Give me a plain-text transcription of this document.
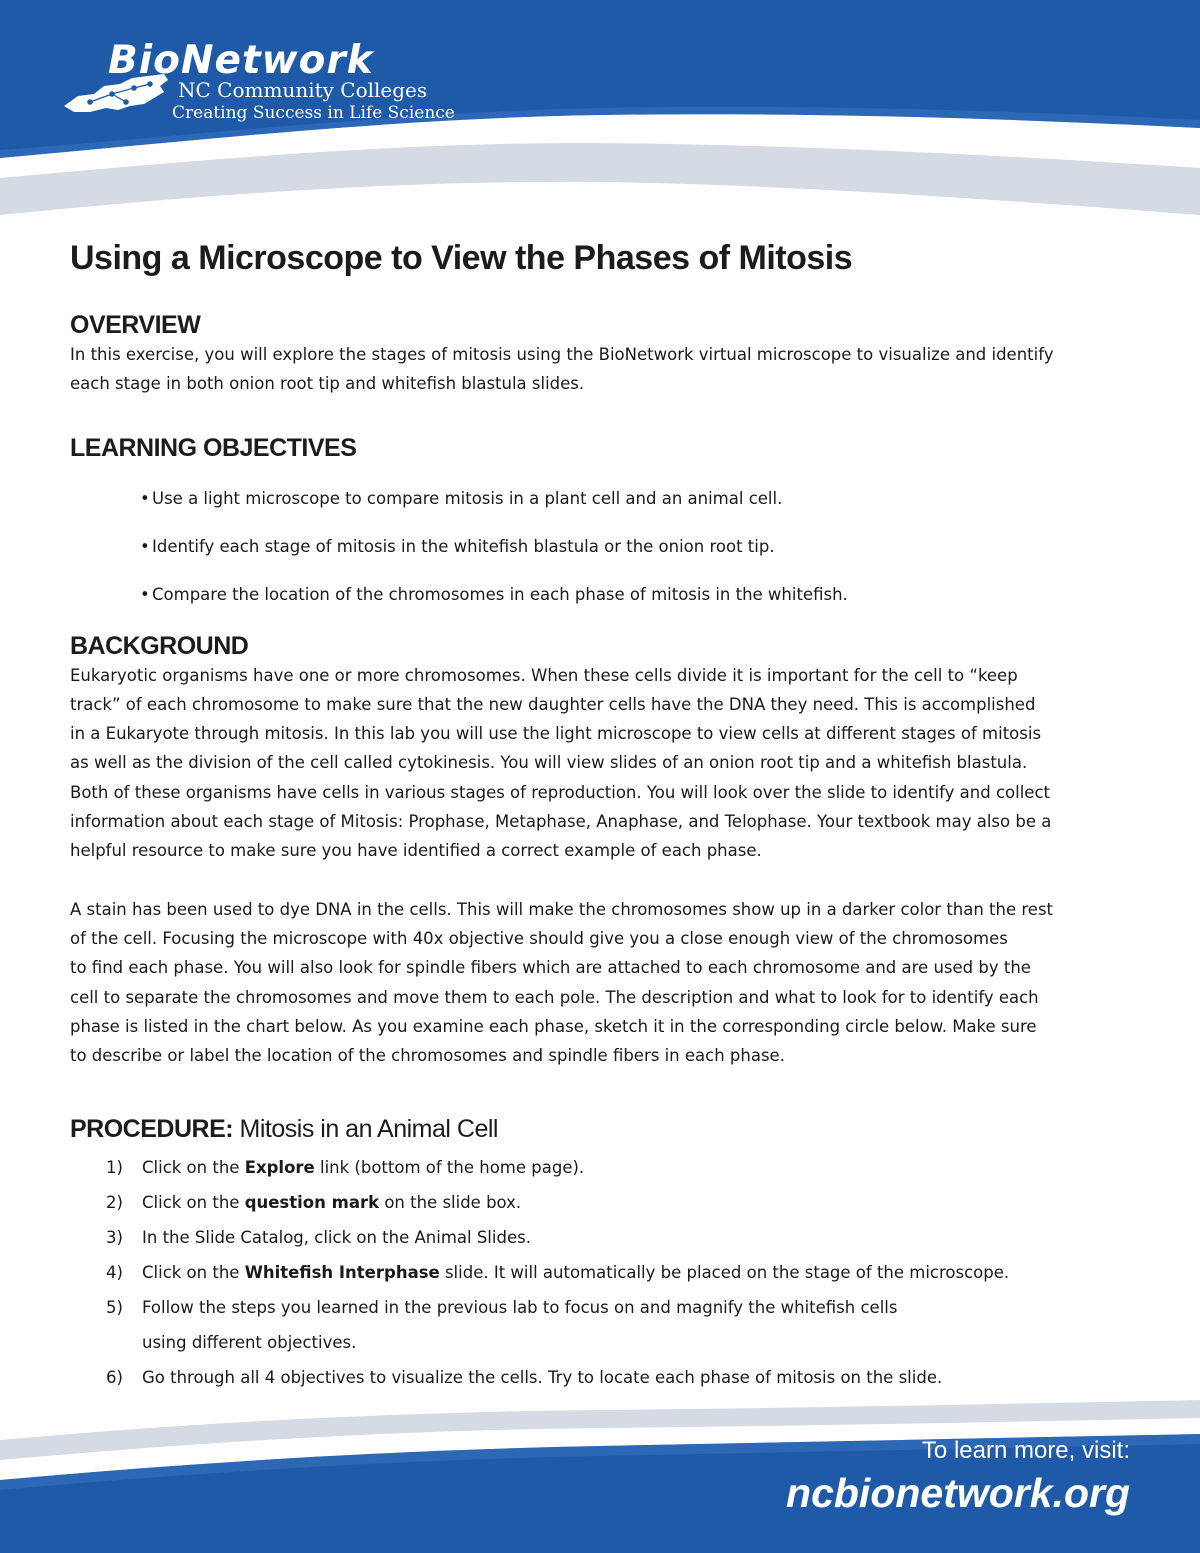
BioNetwork
NC Community Colleges
Creating Success in Life Science
Using a Microscope to View the Phases of Mitosis
OVERVIEW

In this exercise, you will explore the stages of mitosis using the BioNetwork virtual microscope to visualize and identify
each stage in both onion root tip and whitefish blastula slides.

LEARNING OBJECTIVES
• Use a light microscope to compare mitosis in a plant cell and an animal cell.
• Identify each stage of mitosis in the whitefish blastula or the onion root tip.
• Compare the location of the chromosomes in each phase of mitosis in the whitefish.
BACKGROUND

Eukaryotic organisms have one or more chromosomes. When these cells divide it is important for the cell to “keep
track” of each chromosome to make sure that the new daughter cells have the DNA they need. This is accomplished
in a Eukaryote through mitosis. In this lab you will use the light microscope to view cells at different stages of mitosis
as well as the division of the cell called cytokinesis. You will view slides of an onion root tip and a whitefish blastula.
Both of these organisms have cells in various stages of reproduction. You will look over the slide to identify and collect
information about each stage of Mitosis: Prophase, Metaphase, Anaphase, and Telophase. Your textbook may also be a
helpful resource to make sure you have identified a correct example of each phase.

A stain has been used to dye DNA in the cells. This will make the chromosomes show up in a darker color than the rest
of the cell. Focusing the microscope with 40x objective should give you a close enough view of the chromosomes
to find each phase. You will also look for spindle fibers which are attached to each chromosome and are used by the
cell to separate the chromosomes and move them to each pole. The description and what to look for to identify each
phase is listed in the chart below. As you examine each phase, sketch it in the corresponding circle below. Make sure
to describe or label the location of the chromosomes and spindle fibers in each phase.

PROCEDURE: Mitosis in an Animal Cell
1) Click on the Explore link (bottom of the home page).
2) Click on the question mark on the slide box.
3) In the Slide Catalog, click on the Animal Slides.
4) Click on the Whitefish Interphase slide. It will automatically be placed on the stage of the microscope.
5) Follow the steps you learned in the previous lab to focus on and magnify the whitefish cells
using different objectives.
6) Go through all 4 objectives to visualize the cells. Try to locate each phase of mitosis on the slide.
To learn more, visit:
ncbionetwork.org
